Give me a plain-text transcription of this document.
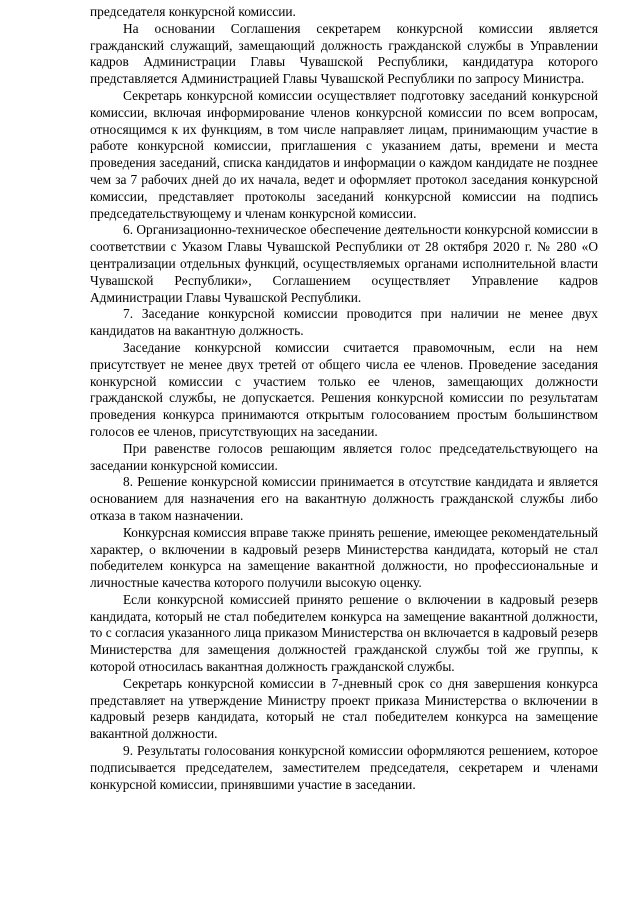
председателя конкурсной комиссии.

На основании Соглашения секретарем конкурсной комиссии является гражданский служащий, замещающий должность гражданской службы в Управлении кадров Администрации Главы Чувашской Республики, кандидатура которого представляется Администрацией Главы Чувашской Республики по запросу Министра.

Секретарь конкурсной комиссии осуществляет подготовку заседаний конкурсной комиссии, включая информирование членов конкурсной комиссии по всем вопросам, относящимся к их функциям, в том числе направляет лицам, принимающим участие в работе конкурсной комиссии, приглашения с указанием даты, времени и места проведения заседаний, списка кандидатов и информации о каждом кандидате не позднее чем за 7 рабочих дней до их начала, ведет и оформляет протокол заседания конкурсной комиссии, представляет протоколы заседаний конкурсной комиссии на подпись председательствующему и членам конкурсной комиссии.

6. Организационно-техническое обеспечение деятельности конкурсной комиссии в соответствии с Указом Главы Чувашской Республики от 28 октября 2020 г. № 280 «О централизации отдельных функций, осуществляемых органами исполнительной власти Чувашской Республики», Соглашением осуществляет Управление кадров Администрации Главы Чувашской Республики.

7. Заседание конкурсной комиссии проводится при наличии не менее двух кандидатов на вакантную должность.

Заседание конкурсной комиссии считается правомочным, если на нем присутствует не менее двух третей от общего числа ее членов. Проведение заседания конкурсной комиссии с участием только ее членов, замещающих должности гражданской службы, не допускается. Решения конкурсной комиссии по результатам проведения конкурса принимаются открытым голосованием простым большинством голосов ее членов, присутствующих на заседании.

При равенстве голосов решающим является голос председательствующего на заседании конкурсной комиссии.

8. Решение конкурсной комиссии принимается в отсутствие кандидата и является основанием для назначения его на вакантную должность гражданской службы либо отказа в таком назначении.

Конкурсная комиссия вправе также принять решение, имеющее рекомендательный характер, о включении в кадровый резерв Министерства кандидата, который не стал победителем конкурса на замещение вакантной должности, но профессиональные и личностные качества которого получили высокую оценку.

Если конкурсной комиссией принято решение о включении в кадровый резерв кандидата, который не стал победителем конкурса на замещение вакантной должности, то с согласия указанного лица приказом Министерства он включается в кадровый резерв Министерства для замещения должностей гражданской службы той же группы, к которой относилась вакантная должность гражданской службы.

Секретарь конкурсной комиссии в 7-дневный срок со дня завершения конкурса представляет на утверждение Министру проект приказа Министерства о включении в кадровый резерв кандидата, который не стал победителем конкурса на замещение вакантной должности.

9. Результаты голосования конкурсной комиссии оформляются решением, которое подписывается председателем, заместителем председателя, секретарем и членами конкурсной комиссии, принявшими участие в заседании.
